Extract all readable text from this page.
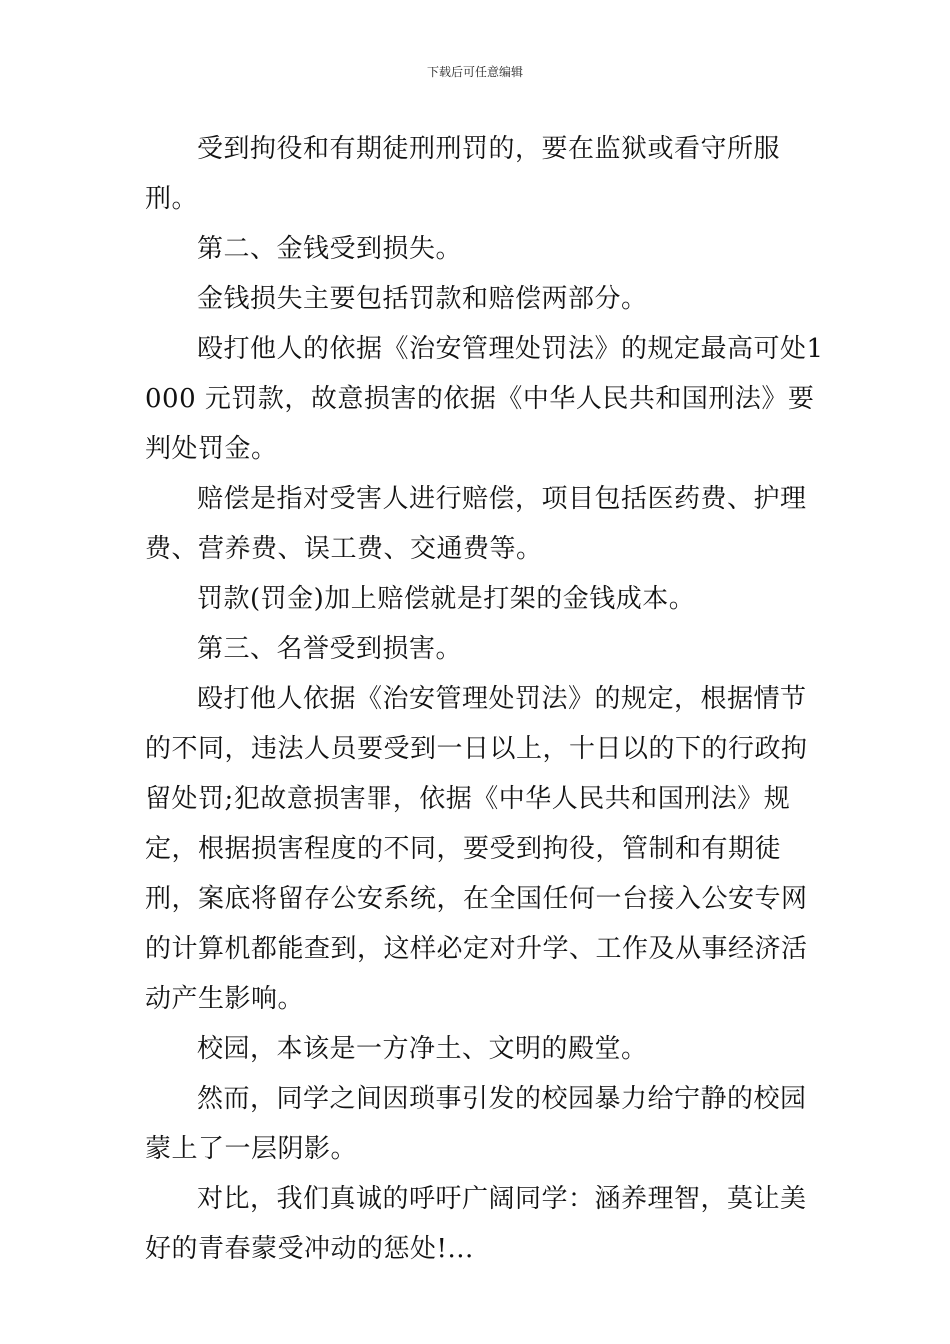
下载后可任意编辑

受到拘役和有期徒刑刑罚的，要在监狱或看守所服刑。

第二、金钱受到损失。

金钱损失主要包括罚款和赔偿两部分。

殴打他人的依据《治安管理处罚法》的规定最高可处1000 元罚款，故意损害的依据《中华人民共和国刑法》要判处罚金。

赔偿是指对受害人进行赔偿，项目包括医药费、护理费、营养费、误工费、交通费等。

罚款(罚金)加上赔偿就是打架的金钱成本。

第三、名誉受到损害。

殴打他人依据《治安管理处罚法》的规定，根据情节的不同，违法人员要受到一日以上，十日以的下的行政拘留处罚;犯故意损害罪，依据《中华人民共和国刑法》规定，根据损害程度的不同，要受到拘役，管制和有期徒刑，案底将留存公安系统，在全国任何一台接入公安专网的计算机都能查到，这样必定对升学、工作及从事经济活动产生影响。

校园，本该是一方净土、文明的殿堂。

然而，同学之间因琐事引发的校园暴力给宁静的校园蒙上了一层阴影。

对比，我们真诚的呼吁广阔同学：涵养理智，莫让美好的青春蒙受冲动的惩处!...
